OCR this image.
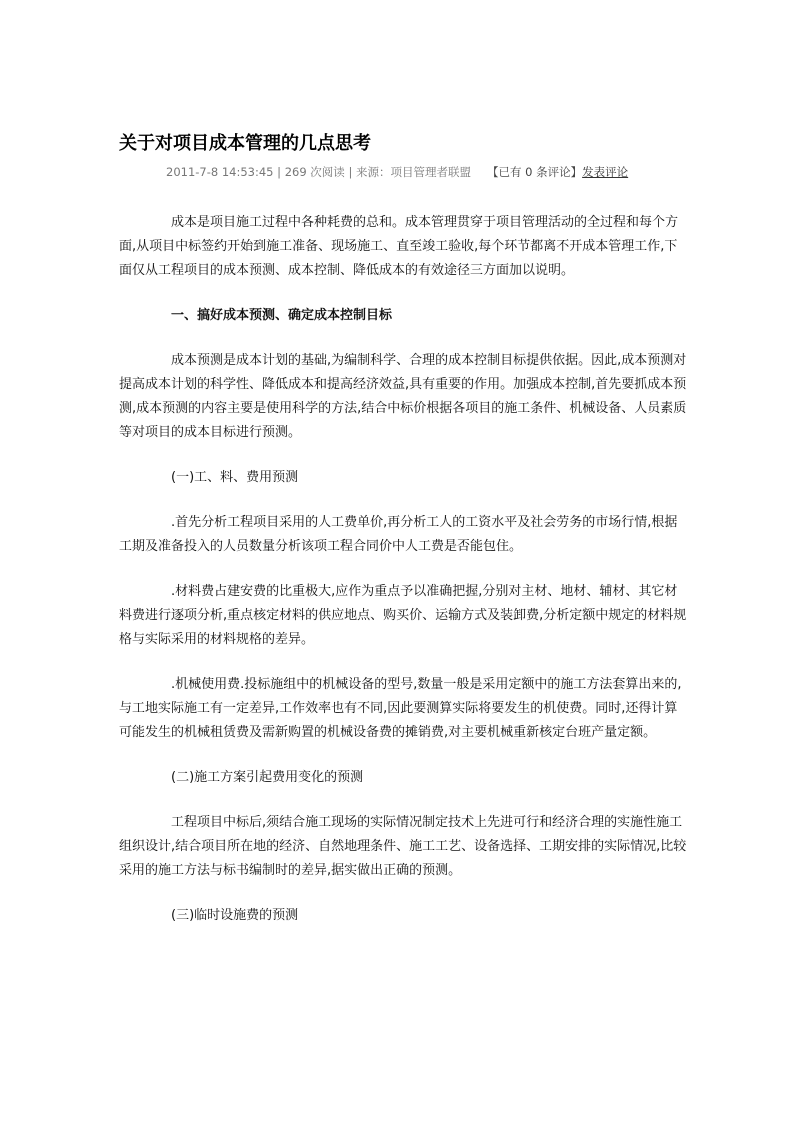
关于对项目成本管理的几点思考
2011-7-8 14:53:45 | 269 次阅读 | 来源：项目管理者联盟 【已有 0 条评论】发表评论

成本是项目施工过程中各种耗费的总和。成本管理贯穿于项目管理活动的全过程和每个方面,从项目中标签约开始到施工准备、现场施工、直至竣工验收,每个环节都离不开成本管理工作,下面仅从工程项目的成本预测、成本控制、降低成本的有效途径三方面加以说明。

一、搞好成本预测、确定成本控制目标

成本预测是成本计划的基础,为编制科学、合理的成本控制目标提供依据。因此,成本预测对提高成本计划的科学性、降低成本和提高经济效益,具有重要的作用。加强成本控制,首先要抓成本预测,成本预测的内容主要是使用科学的方法,结合中标价根据各项目的施工条件、机械设备、人员素质等对项目的成本目标进行预测。

(一)工、料、费用预测

.首先分析工程项目采用的人工费单价,再分析工人的工资水平及社会劳务的市场行情,根据工期及准备投入的人员数量分析该项工程合同价中人工费是否能包住。

.材料费占建安费的比重极大,应作为重点予以准确把握,分别对主材、地材、辅材、其它材料费进行逐项分析,重点核定材料的供应地点、购买价、运输方式及装卸费,分析定额中规定的材料规格与实际采用的材料规格的差异。

.机械使用费.投标施组中的机械设备的型号,数量一般是采用定额中的施工方法套算出来的,与工地实际施工有一定差异,工作效率也有不同,因此要测算实际将要发生的机使费。同时,还得计算可能发生的机械租赁费及需新购置的机械设备费的摊销费,对主要机械重新核定台班产量定额。

(二)施工方案引起费用变化的预测

工程项目中标后,须结合施工现场的实际情况制定技术上先进可行和经济合理的实施性施工组织设计,结合项目所在地的经济、自然地理条件、施工工艺、设备选择、工期安排的实际情况,比较采用的施工方法与标书编制时的差异,据实做出正确的预测。

(三)临时设施费的预测
